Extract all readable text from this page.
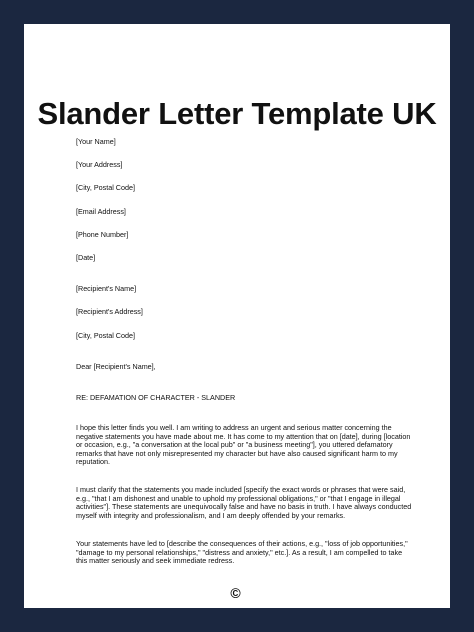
Slander Letter Template UK
[Your Name]
[Your Address]
[City, Postal Code]
[Email Address]
[Phone Number]
[Date]
[Recipient's Name]
[Recipient's Address]
[City, Postal Code]
Dear [Recipient's Name],
RE: DEFAMATION OF CHARACTER - SLANDER
I hope this letter finds you well. I am writing to address an urgent and serious matter concerning the
negative statements you have made about me. It has come to my attention that on [date], during [location
or occasion, e.g., "a conversation at the local pub" or "a business meeting"], you uttered defamatory
remarks that have not only misrepresented my character but have also caused significant harm to my
reputation.
I must clarify that the statements you made included [specify the exact words or phrases that were said,
e.g., "that I am dishonest and unable to uphold my professional obligations," or "that I engage in illegal
activities"]. These statements are unequivocally false and have no basis in truth. I have always conducted
myself with integrity and professionalism, and I am deeply offended by your remarks.
Your statements have led to [describe the consequences of their actions, e.g., "loss of job opportunities,"
"damage to my personal relationships," "distress and anxiety," etc.]. As a result, I am compelled to take
this matter seriously and seek immediate redress.
©
